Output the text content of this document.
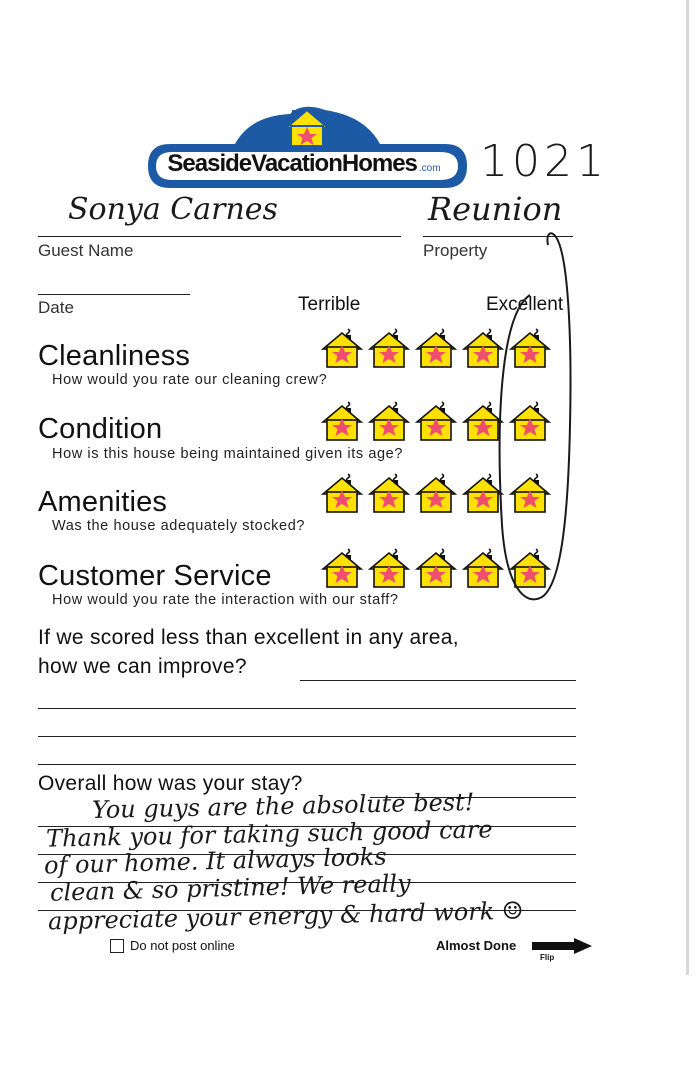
SeasideVacationHomes .com 1021
Sonya Carnes
Guest Name
Reunion
Property
Date	Terrible	Excellent
Cleanliness
How would you rate our cleaning crew?
Condition
How is this house being maintained given its age?
Amenities
Was the house adequately stocked?
Customer Service
How would you rate the interaction with our staff?
If we scored less than excellent in any area,
how we can improve?
Overall how was your stay?
You guys are the absolute best!
Thank you for taking such good care
of our home. It always looks
clean & so pristine! We really
appreciate your energy & hard work ☺
Do not post online	Almost Done
Flip
